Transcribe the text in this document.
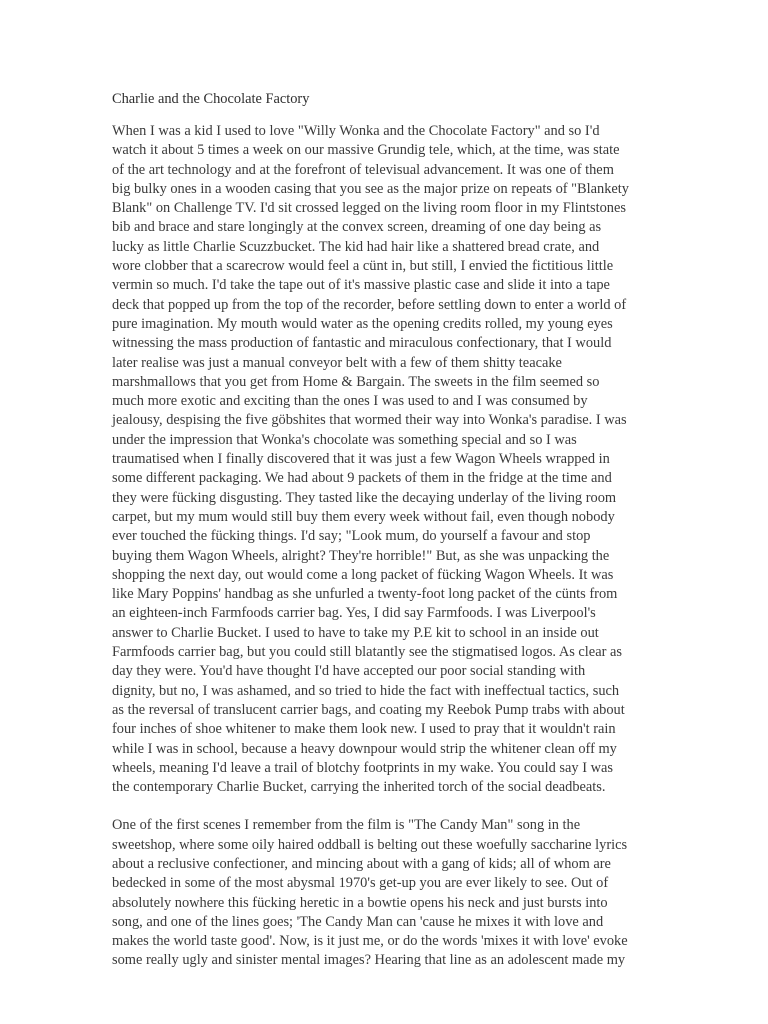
Charlie and the Chocolate Factory

When I was a kid I used to love "Willy Wonka and the Chocolate Factory" and so I'd
watch it about 5 times a week on our massive Grundig tele, which, at the time, was state
of the art technology and at the forefront of televisual advancement. It was one of them
big bulky ones in a wooden casing that you see as the major prize on repeats of "Blankety
Blank" on Challenge TV. I'd sit crossed legged on the living room floor in my Flintstones
bib and brace and stare longingly at the convex screen, dreaming of one day being as
lucky as little Charlie Scuzzbucket. The kid had hair like a shattered bread crate, and
wore clobber that a scarecrow would feel a cünt in, but still, I envied the fictitious little
vermin so much. I'd take the tape out of it's massive plastic case and slide it into a tape
deck that popped up from the top of the recorder, before settling down to enter a world of
pure imagination. My mouth would water as the opening credits rolled, my young eyes
witnessing the mass production of fantastic and miraculous confectionary, that I would
later realise was just a manual conveyor belt with a few of them shitty teacake
marshmallows that you get from Home & Bargain. The sweets in the film seemed so
much more exotic and exciting than the ones I was used to and I was consumed by
jealousy, despising the five göbshites that wormed their way into Wonka's paradise. I was
under the impression that Wonka's chocolate was something special and so I was
traumatised when I finally discovered that it was just a few Wagon Wheels wrapped in
some different packaging. We had about 9 packets of them in the fridge at the time and
they were fücking disgusting. They tasted like the decaying underlay of the living room
carpet, but my mum would still buy them every week without fail, even though nobody
ever touched the fücking things. I'd say; "Look mum, do yourself a favour and stop
buying them Wagon Wheels, alright? They're horrible!" But, as she was unpacking the
shopping the next day, out would come a long packet of fücking Wagon Wheels. It was
like Mary Poppins' handbag as she unfurled a twenty-foot long packet of the cünts from
an eighteen-inch Farmfoods carrier bag. Yes, I did say Farmfoods. I was Liverpool's
answer to Charlie Bucket. I used to have to take my P.E kit to school in an inside out
Farmfoods carrier bag, but you could still blatantly see the stigmatised logos. As clear as
day they were. You'd have thought I'd have accepted our poor social standing with
dignity, but no, I was ashamed, and so tried to hide the fact with ineffectual tactics, such
as the reversal of translucent carrier bags, and coating my Reebok Pump trabs with about
four inches of shoe whitener to make them look new. I used to pray that it wouldn't rain
while I was in school, because a heavy downpour would strip the whitener clean off my
wheels, meaning I'd leave a trail of blotchy footprints in my wake. You could say I was
the contemporary Charlie Bucket, carrying the inherited torch of the social deadbeats.

One of the first scenes I remember from the film is "The Candy Man" song in the
sweetshop, where some oily haired oddball is belting out these woefully saccharine lyrics
about a reclusive confectioner, and mincing about with a gang of kids; all of whom are
bedecked in some of the most abysmal 1970's get-up you are ever likely to see. Out of
absolutely nowhere this fücking heretic in a bowtie opens his neck and just bursts into
song, and one of the lines goes; 'The Candy Man can 'cause he mixes it with love and
makes the world taste good'. Now, is it just me, or do the words 'mixes it with love' evoke
some really ugly and sinister mental images? Hearing that line as an adolescent made my
